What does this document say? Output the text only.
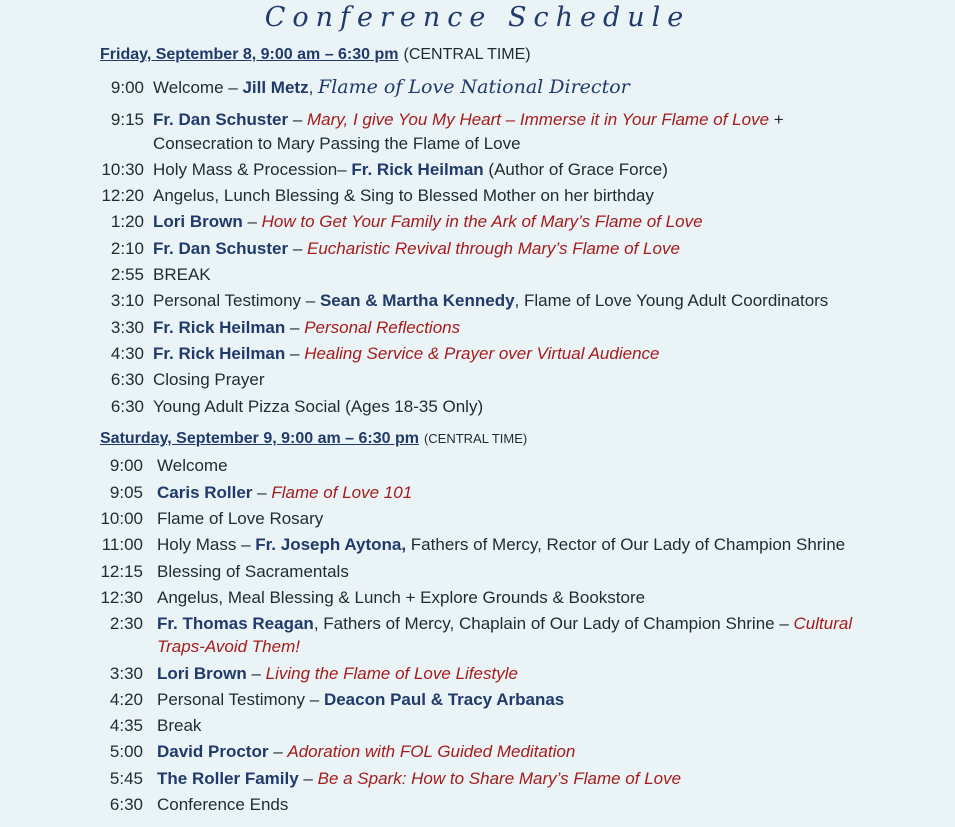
Conference Schedule
Friday, September 8, 9:00 am – 6:30 pm (CENTRAL TIME)
9:00 Welcome – Jill Metz, Flame of Love National Director
9:15 Fr. Dan Schuster – Mary, I give You My Heart – Immerse it in Your Flame of Love +
Consecration to Mary Passing the Flame of Love
10:30 Holy Mass & Procession– Fr. Rick Heilman (Author of Grace Force)
12:20 Angelus, Lunch Blessing & Sing to Blessed Mother on her birthday
1:20 Lori Brown – How to Get Your Family in the Ark of Mary’s Flame of Love
2:10 Fr. Dan Schuster – Eucharistic Revival through Mary’s Flame of Love
2:55 BREAK
3:10 Personal Testimony – Sean & Martha Kennedy, Flame of Love Young Adult Coordinators
3:30 Fr. Rick Heilman – Personal Reflections
4:30 Fr. Rick Heilman – Healing Service & Prayer over Virtual Audience
6:30 Closing Prayer
6:30 Young Adult Pizza Social (Ages 18-35 Only)
Saturday, September 9, 9:00 am – 6:30 pm (CENTRAL TIME)
9:00 Welcome
9:05 Caris Roller – Flame of Love 101
10:00 Flame of Love Rosary
11:00 Holy Mass – Fr. Joseph Aytona, Fathers of Mercy, Rector of Our Lady of Champion Shrine
12:15 Blessing of Sacramentals
12:30 Angelus, Meal Blessing & Lunch + Explore Grounds & Bookstore
2:30 Fr. Thomas Reagan, Fathers of Mercy, Chaplain of Our Lady of Champion Shrine – Cultural
Traps-Avoid Them!
3:30 Lori Brown – Living the Flame of Love Lifestyle
4:20 Personal Testimony – Deacon Paul & Tracy Arbanas
4:35 Break
5:00 David Proctor – Adoration with FOL Guided Meditation
5:45 The Roller Family – Be a Spark: How to Share Mary’s Flame of Love
6:30 Conference Ends
